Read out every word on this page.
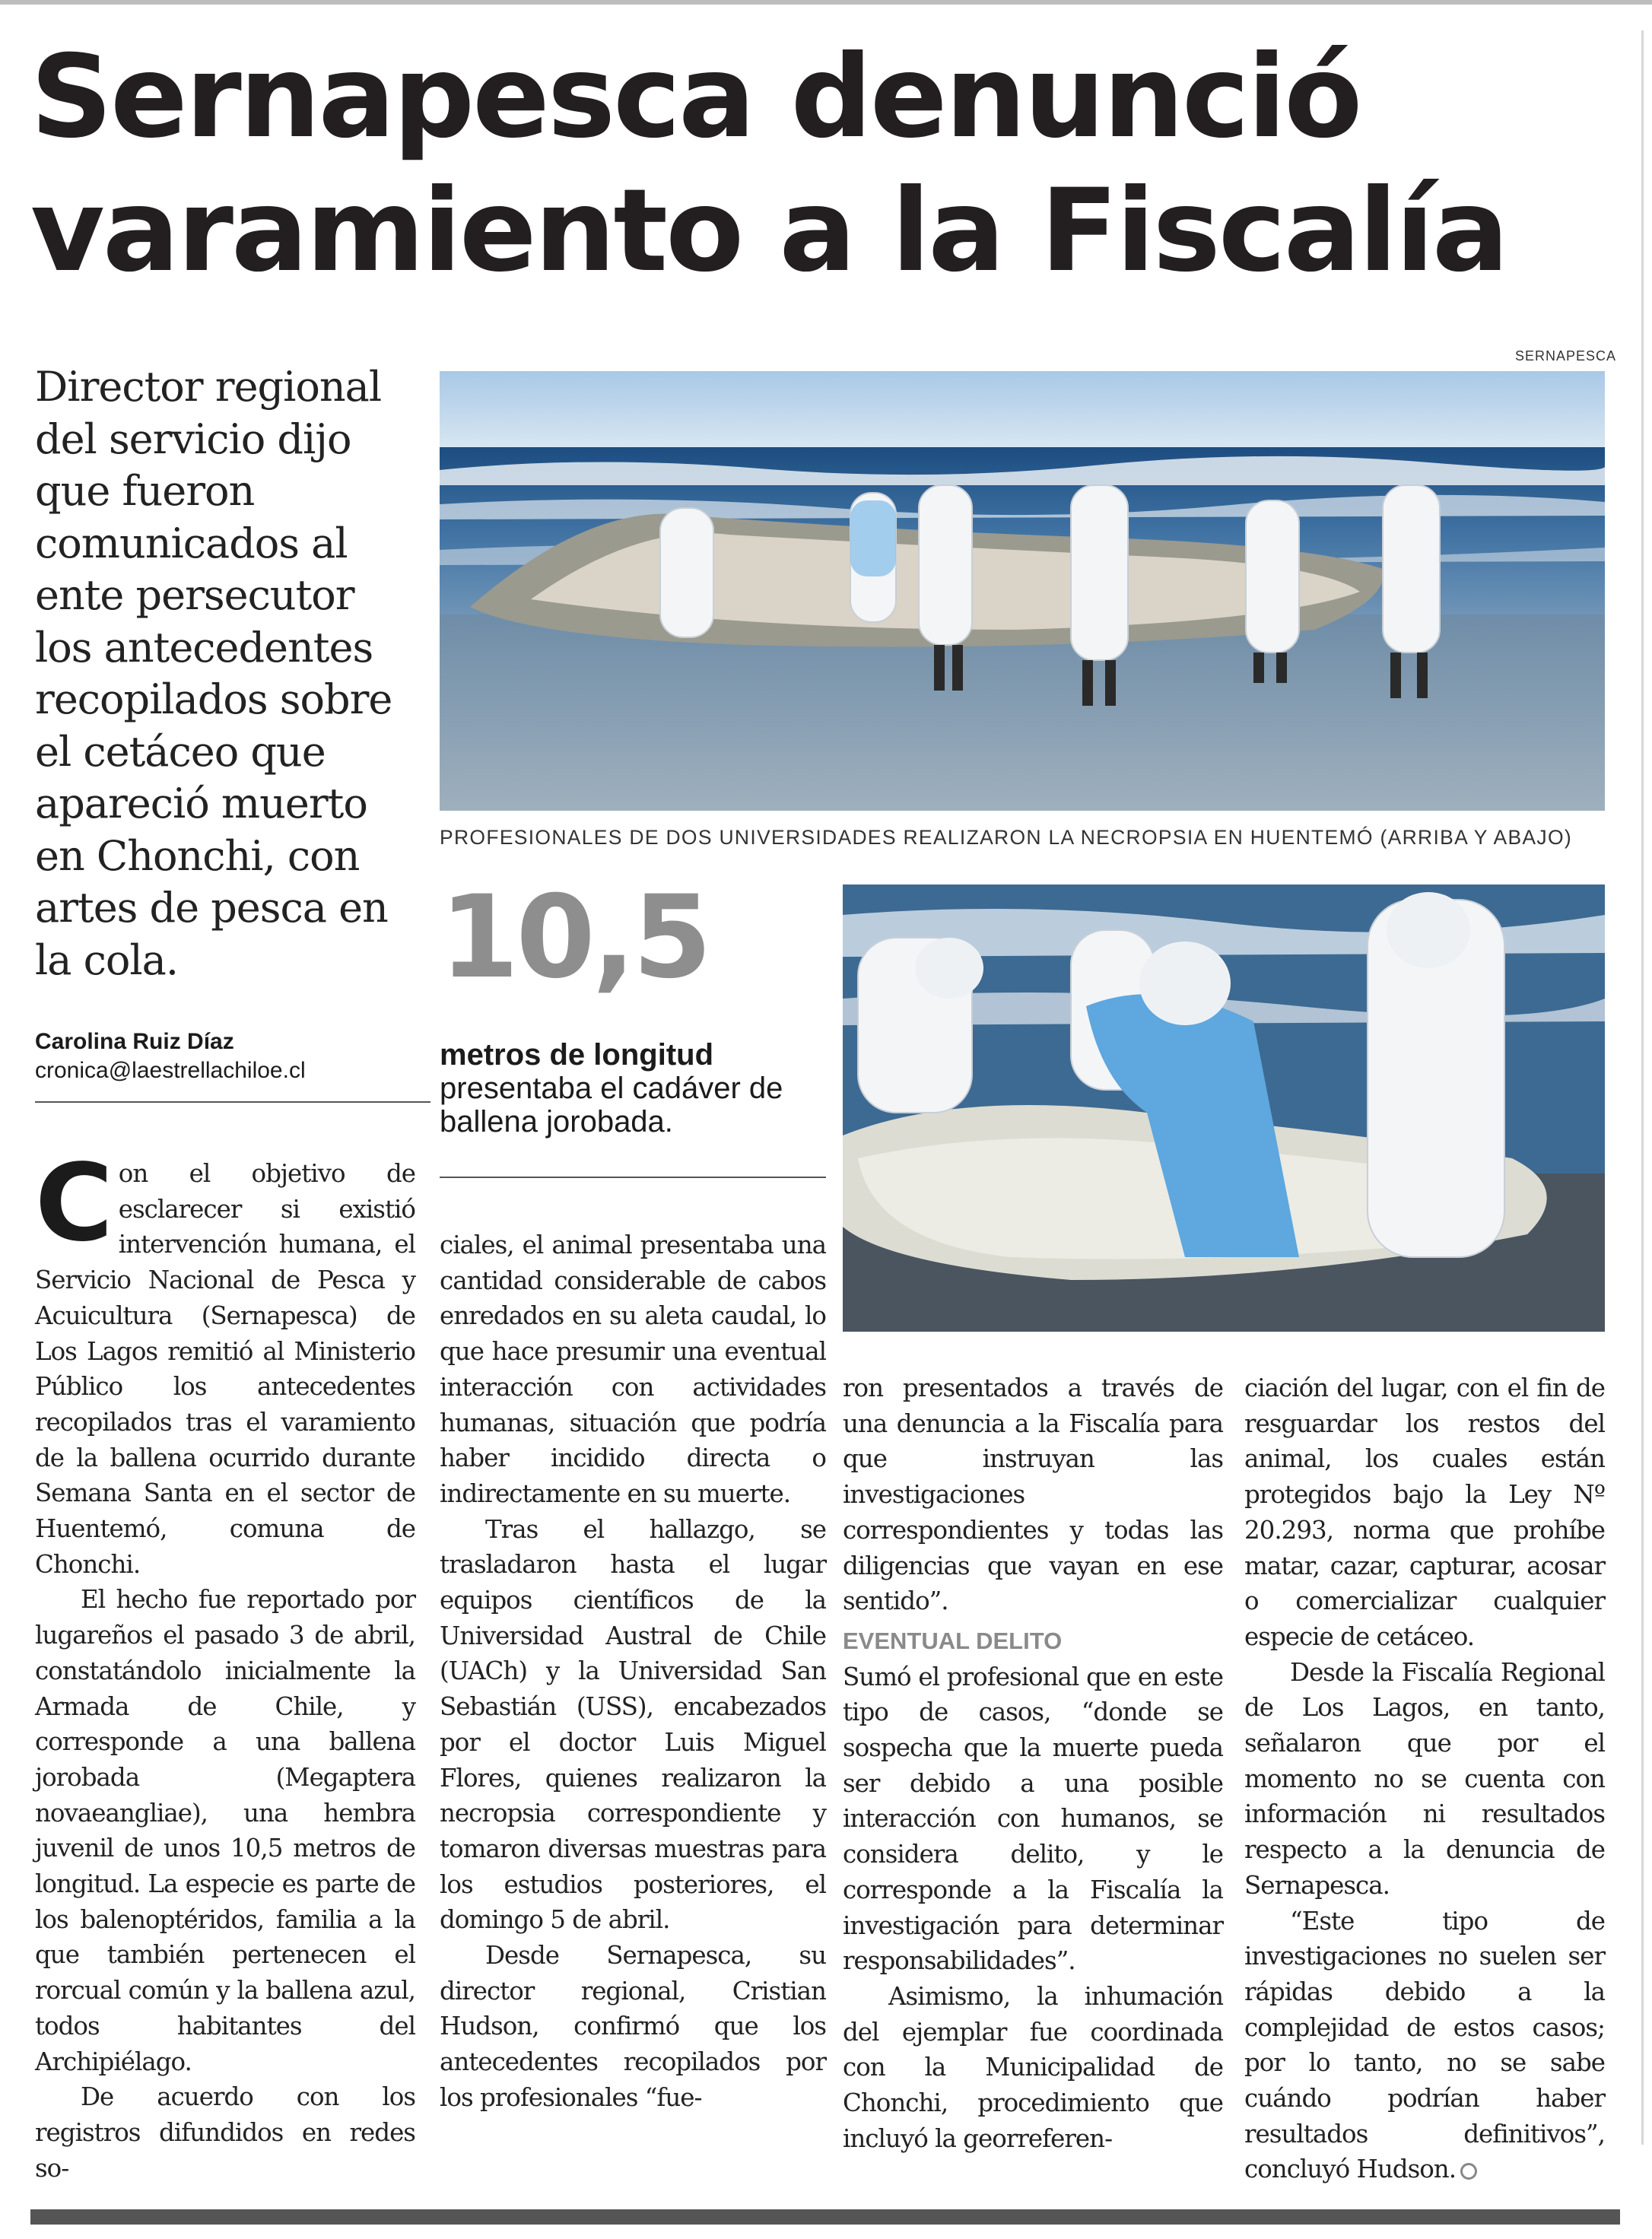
Sernapesca denunció
varamiento a la Fiscalía
Director regional del servicio dijo que fueron comunicados al ente persecutor los antecedentes recopilados sobre el cetáceo que apareció muerto en Chonchi, con artes de pesca en la cola.
Carolina Ruiz Díaz
cronica@laestrellachiloe.cl
SERNAPESCA
PROFESIONALES DE DOS UNIVERSIDADES REALIZARON LA NECROPSIA EN HUENTEMÓ (ARRIBA Y ABAJO)
10,5
metros de longitud
presentaba el cadáver de ballena jorobada.

Con el objetivo de esclarecer si existió intervención humana, el Servicio Nacional de Pesca y Acuicultura (Sernapesca) de Los Lagos remitió al Ministerio Público los antecedentes recopilados tras el varamiento de la ballena ocurrido durante Semana Santa en el sector de Huentemó, comuna de Chonchi.

El hecho fue reportado por lugareños el pasado 3 de abril, constatándolo inicialmente la Armada de Chile, y corresponde a una ballena jorobada (Megaptera novaeangliae), una hembra juvenil de unos 10,5 metros de longitud. La especie es parte de los balenoptéridos, familia a la que también pertenecen el rorcual común y la ballena azul, todos habitantes del Archipiélago.

De acuerdo con los registros difundidos en redes so-

ciales, el animal presentaba una cantidad considerable de cabos enredados en su aleta caudal, lo que hace presumir una eventual interacción con actividades humanas, situación que podría haber incidido directa o indirectamente en su muerte.

Tras el hallazgo, se trasladaron hasta el lugar equipos científicos de la Universidad Austral de Chile (UACh) y la Universidad San Sebastián (USS), encabezados por el doctor Luis Miguel Flores, quienes realizaron la necropsia correspondiente y tomaron diversas muestras para los estudios posteriores, el domingo 5 de abril.

Desde Sernapesca, su director regional, Cristian Hudson, confirmó que los antecedentes recopilados por los profesionales “fue-

ron presentados a través de una denuncia a la Fiscalía para que instruyan las investigaciones correspondientes y todas las diligencias que vayan en ese sentido”.

EVENTUAL DELITO

Sumó el profesional que en este tipo de casos, “donde se sospecha que la muerte pueda ser debido a una posible interacción con humanos, se considera delito, y le corresponde a la Fiscalía la investigación para determinar responsabilidades”.

Asimismo, la inhumación del ejemplar fue coordinada con la Municipalidad de Chonchi, procedimiento que incluyó la georreferen-

ciación del lugar, con el fin de resguardar los restos del animal, los cuales están protegidos bajo la Ley Nº 20.293, norma que prohíbe matar, cazar, capturar, acosar o comercializar cualquier especie de cetáceo.

Desde la Fiscalía Regional de Los Lagos, en tanto, señalaron que por el momento no se cuenta con información ni resultados respecto a la denuncia de Sernapesca.

“Este tipo de investigaciones no suelen ser rápidas debido a la complejidad de estos casos; por lo tanto, no se sabe cuándo podrían haber resultados definitivos”, concluyó Hudson.
